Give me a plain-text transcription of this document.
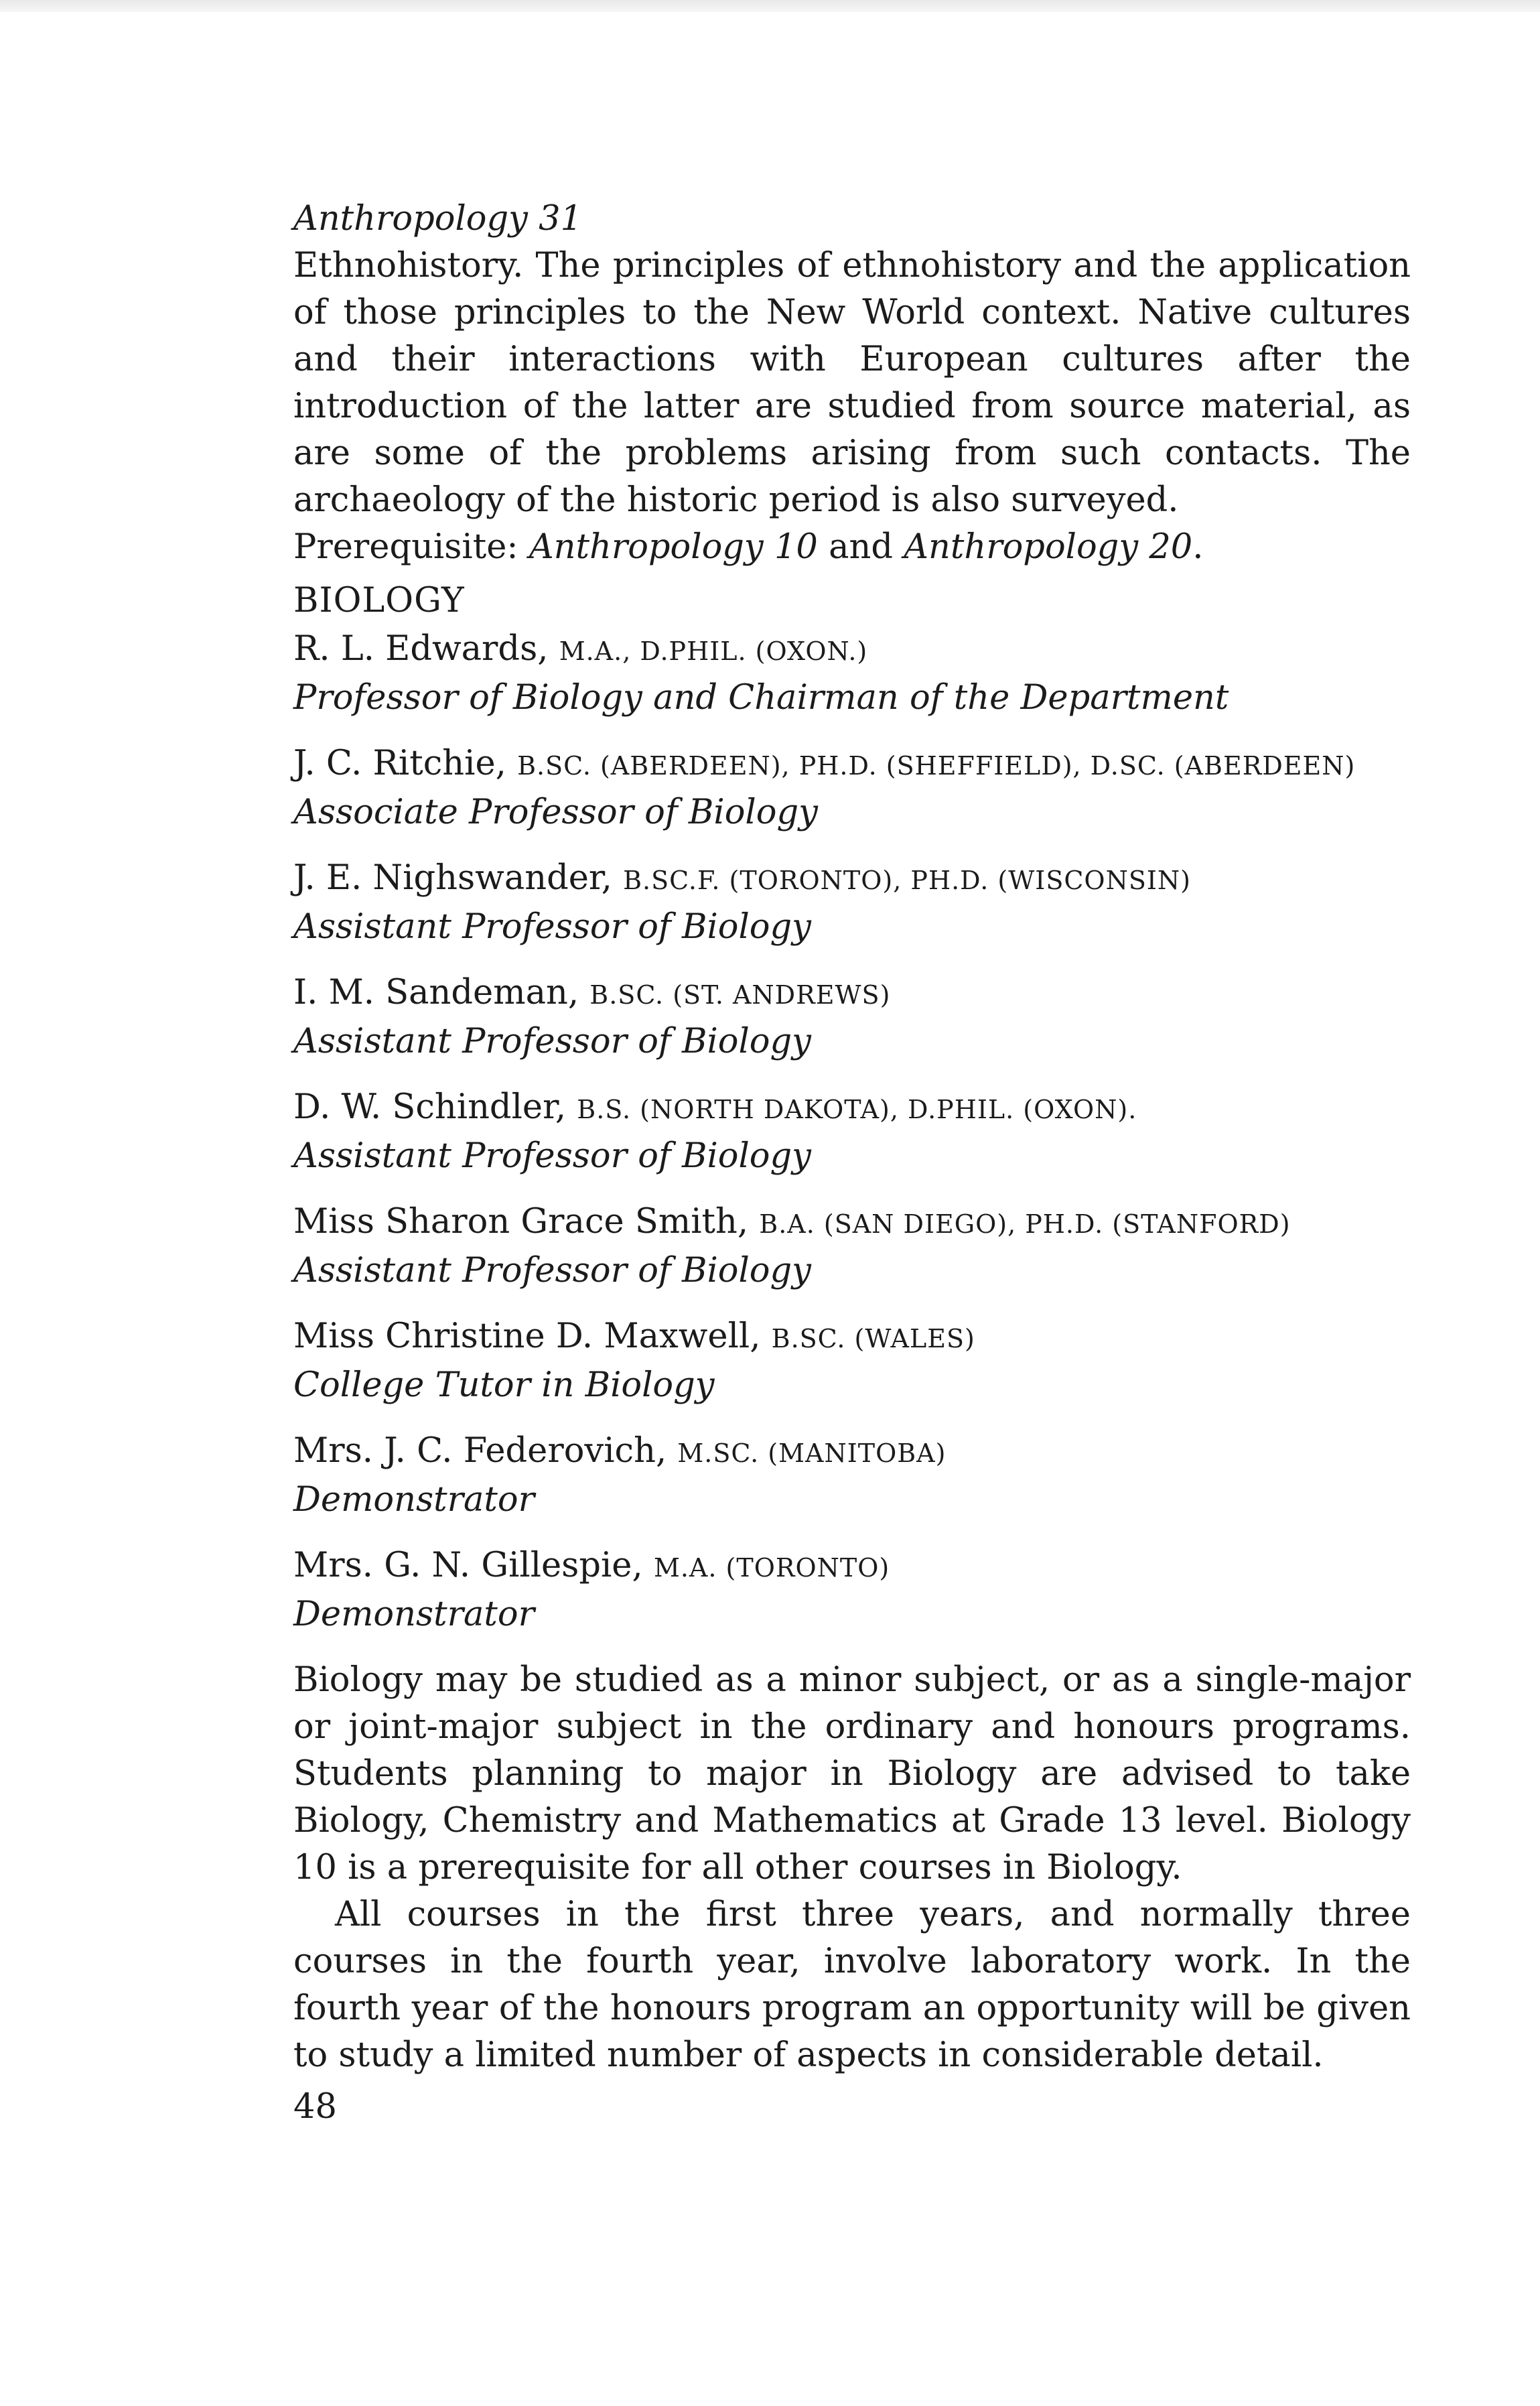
Anthropology 31

Ethnohistory. The principles of ethnohistory and the application of those principles to the New World context. Native cultures and their interactions with European cultures after the introduction of the latter are studied from source material, as are some of the problems arising from such contacts. The archaeology of the historic period is also surveyed.

Prerequisite: Anthropology 10 and Anthropology 20.

BIOLOGY

R. L. Edwards, M.A., D.PHIL. (OXON.)
Professor of Biology and Chairman of the Department
J. C. Ritchie, B.SC. (ABERDEEN), PH.D. (SHEFFIELD), D.SC. (ABERDEEN)
Associate Professor of Biology
J. E. Nighswander, B.SC.F. (TORONTO), PH.D. (WISCONSIN)
Assistant Professor of Biology
I. M. Sandeman, B.SC. (ST. ANDREWS)
Assistant Professor of Biology
D. W. Schindler, B.S. (NORTH DAKOTA), D.PHIL. (OXON).
Assistant Professor of Biology
Miss Sharon Grace Smith, B.A. (SAN DIEGO), PH.D. (STANFORD)
Assistant Professor of Biology
Miss Christine D. Maxwell, B.SC. (WALES)
College Tutor in Biology
Mrs. J. C. Federovich, M.SC. (MANITOBA)
Demonstrator
Mrs. G. N. Gillespie, M.A. (TORONTO)
Demonstrator

Biology may be studied as a minor subject, or as a single-major or joint-major subject in the ordinary and honours programs. Students planning to major in Biology are advised to take Biology, Chemistry and Mathematics at Grade 13 level. Biology 10 is a prerequisite for all other courses in Biology.

All courses in the first three years, and normally three courses in the fourth year, involve laboratory work. In the fourth year of the honours program an opportunity will be given to study a limited number of aspects in considerable detail.

48
